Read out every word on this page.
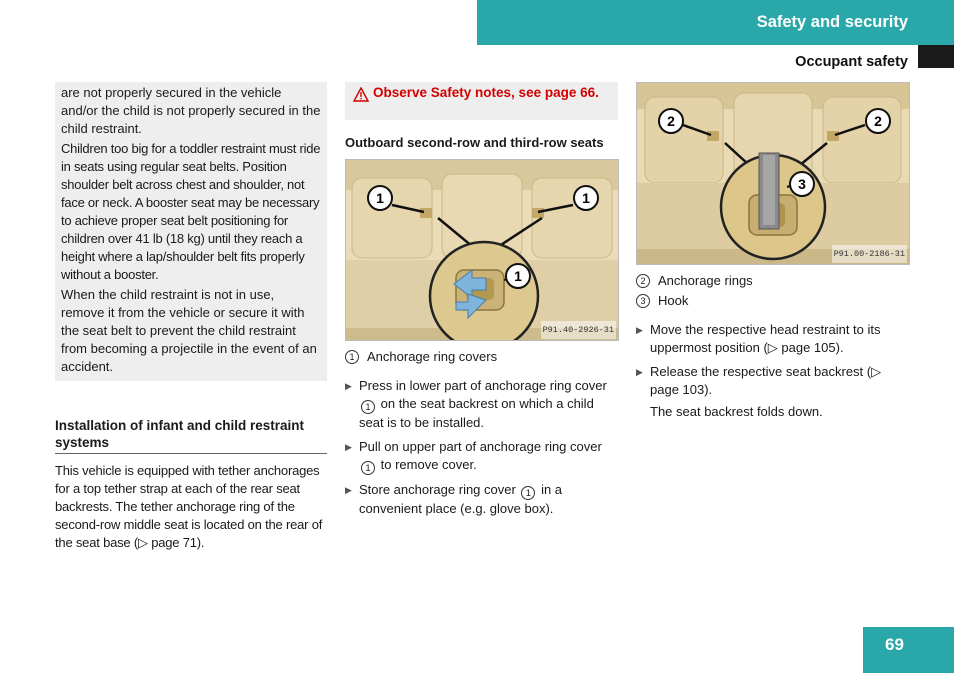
Safety and security
Occupant safety

are not properly secured in the vehicle and/or the child is not properly secured in the child restraint.

Children too big for a toddler restraint must ride in seats using regular seat belts. Position shoulder belt across chest and shoulder, not face or neck. A booster seat may be necessary to achieve proper seat belt positioning for children over 41 lb (18 kg) until they reach a height where a lap/shoulder belt fits properly without a booster.

When the child restraint is not in use, remove it from the vehicle or secure it with the seat belt to prevent the child restraint from becoming a projectile in the event of an accident.

Installation of infant and child restraint systems
This vehicle is equipped with tether anchorages for a top tether strap at each of the rear seat backrests. The tether anchorage ring of the second-row middle seat is located on the rear of the seat base (▷ page 71).
Observe Safety notes, see page 66.
Outboard second-row and third-row seats
1	1
1
P91.40-2926-31
1 Anchorage ring covers
▶ Press in lower part of anchorage ring cover 1 on the seat backrest on which a child seat is to be installed.
▶ Pull on upper part of anchorage ring cover 1 to remove cover.
▶ Store anchorage ring cover 1 in a convenient place (e.g. glove box).
2	2
3
P91.00-2186-31
2 Anchorage rings
3 Hook
▶ Move the respective head restraint to its uppermost position (▷ page 105).
▶ Release the respective seat backrest (▷ page 103).
The seat backrest folds down.
69
